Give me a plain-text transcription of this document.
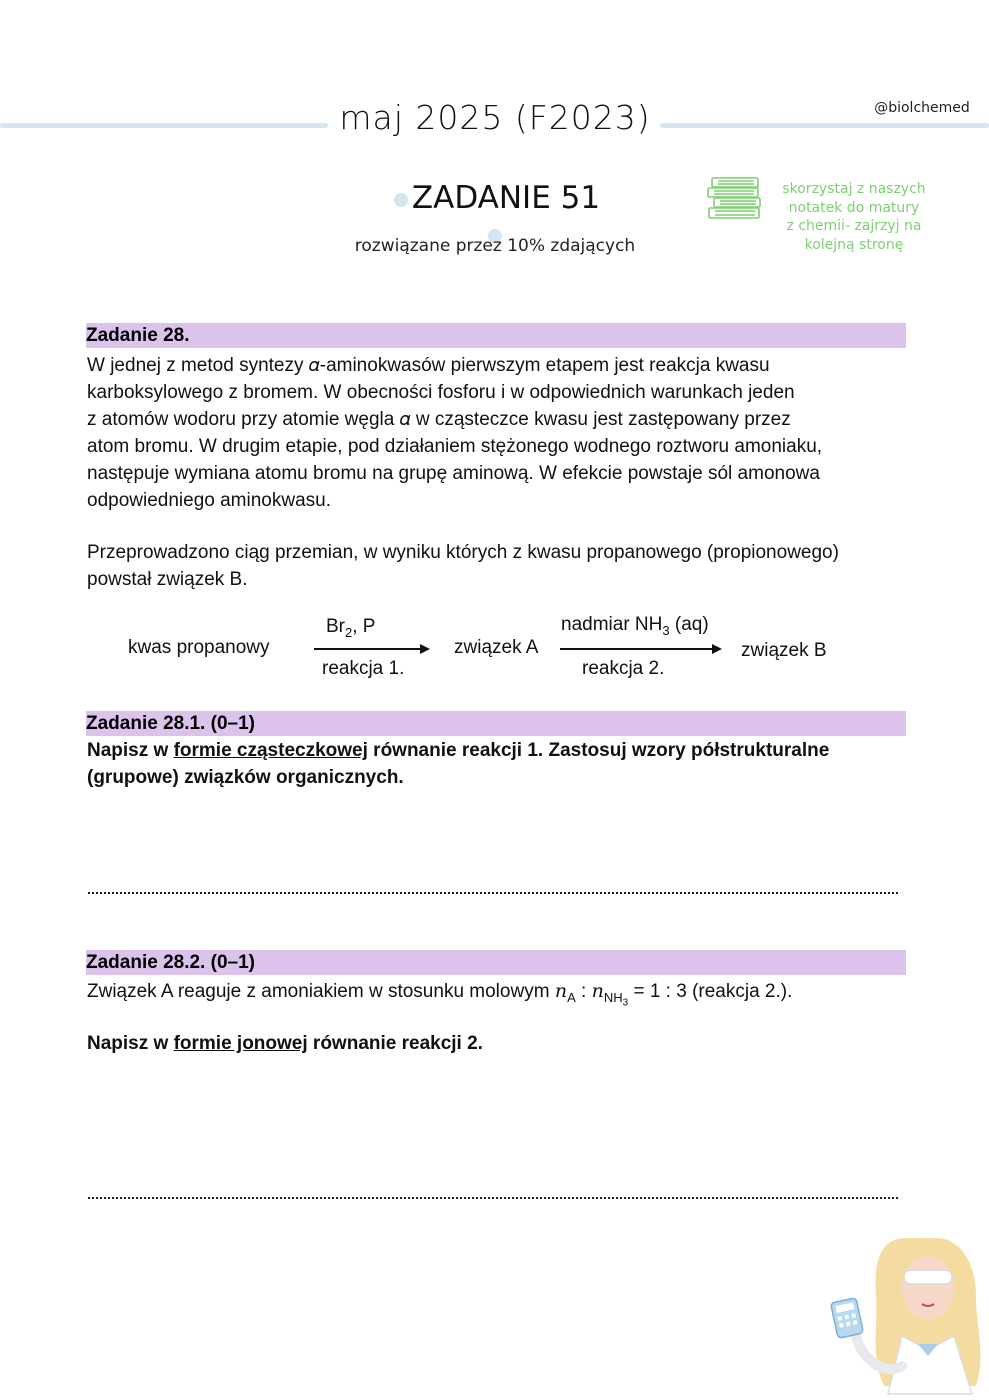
maj 2025 (F2023)	@biolchemed
ZADANIE 51
rozwiązane przez 10% zdających
skorzystaj z naszych
notatek do matury
z chemii- zajrzyj na
kolejną stronę
Zadanie 28.

W jednej z metod syntezy 𝛼-aminokwasów pierwszym etapem jest reakcja kwasu

karboksylowego z bromem. W obecności fosforu i w odpowiednich warunkach jeden

z atomów wodoru przy atomie węgla 𝛼 w cząsteczce kwasu jest zastępowany przez

atom bromu. W drugim etapie, pod działaniem stężonego wodnego roztworu amoniaku,

następuje wymiana atomu bromu na grupę aminową. W efekcie powstaje sól amonowa

odpowiedniego aminokwasu.

Przeprowadzono ciąg przemian, w wyniku których z kwasu propanowego (propionowego)

powstał związek B.

kwas propanowy
$Br_2$, P
reakcja 1.
związek A
nadmiar $NH_3$ (aq)
reakcja 2.
związek B
Zadanie 28.1. (0–1)

Napisz w formie cząsteczkowej równanie reakcji 1. Zastosuj wzory półstrukturalne

(grupowe) związków organicznych.

Zadanie 28.2. (0–1)

Związek A reaguje z amoniakiem w stosunku molowym $n_A$ : $n_{NH_3} = 1$ : 3 (reakcja 2.).

Napisz w formie jonowej równanie reakcji 2.
